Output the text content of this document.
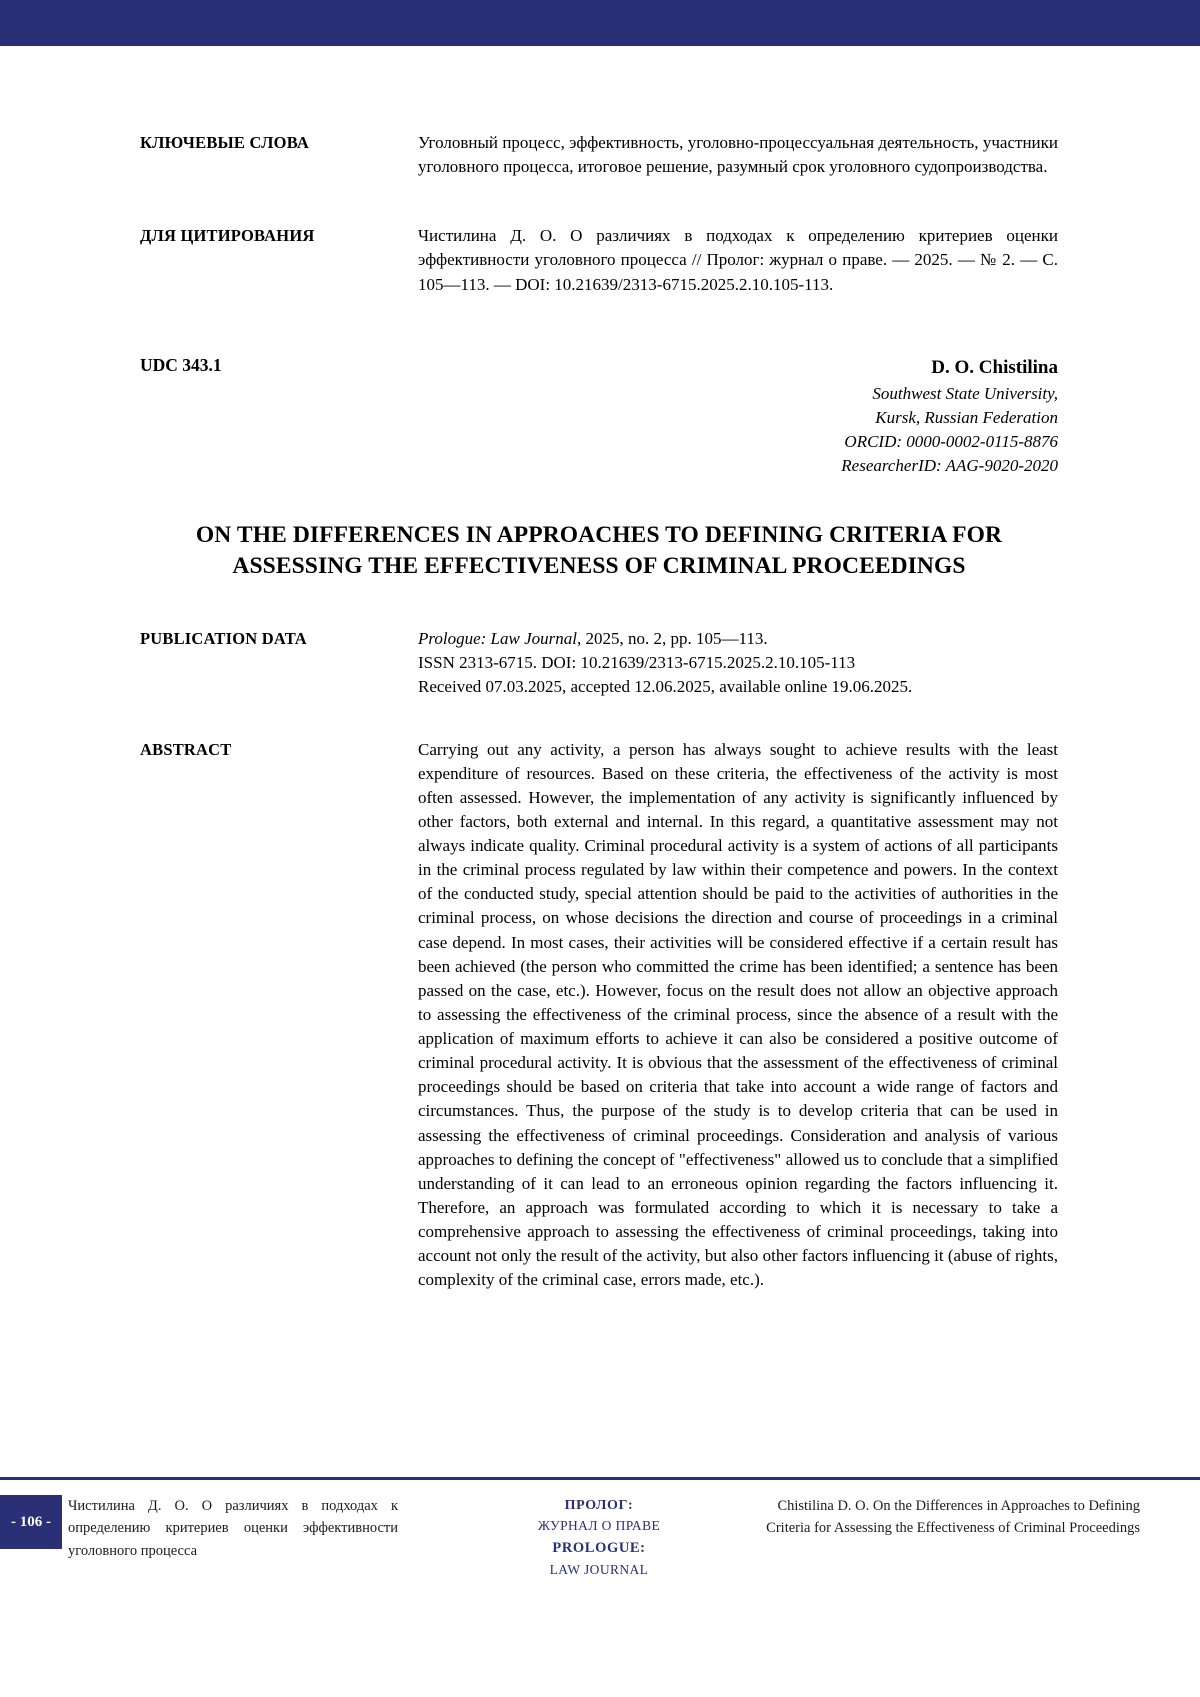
КЛЮЧЕВЫЕ СЛОВА	Уголовный процесс, эффективность, уголовно-процессуальная деятельность, участники уголовного процесса, итоговое решение, разумный срок уголовного судопроизводства.
ДЛЯ ЦИТИРОВАНИЯ	Чистилина Д. О. О различиях в подходах к определению критериев оценки эффективности уголовного процесса // Пролог: журнал о праве. — 2025. — № 2. — С. 105—113. — DOI: 10.21639/2313-6715.2025.2.10.105-113.
UDC 343.1	D. O. Chistilina
Southwest State University,
Kursk, Russian Federation
ORCID: 0000-0002-0115-8876
ResearcherID: AAG-9020-2020
ON THE DIFFERENCES IN APPROACHES TO DEFINING CRITERIA FOR ASSESSING THE EFFECTIVENESS OF CRIMINAL PROCEEDINGS
PUBLICATION DATA	Prologue: Law Journal, 2025, no. 2, pp. 105—113.
ISSN 2313-6715. DOI: 10.21639/2313-6715.2025.2.10.105-113
Received 07.03.2025, accepted 12.06.2025, available online 19.06.2025.
ABSTRACT	Carrying out any activity, a person has always sought to achieve results with the least expenditure of resources. Based on these criteria, the effectiveness of the activity is most often assessed. However, the implementation of any activity is significantly influenced by other factors, both external and internal. In this regard, a quantitative assessment may not always indicate quality. Criminal procedural activity is a system of actions of all participants in the criminal process regulated by law within their competence and powers. In the context of the conducted study, special attention should be paid to the activities of authorities in the criminal process, on whose decisions the direction and course of proceedings in a criminal case depend. In most cases, their activities will be considered effective if a certain result has been achieved (the person who committed the crime has been identified; a sentence has been passed on the case, etc.). However, focus on the result does not allow an objective approach to assessing the effectiveness of the criminal process, since the absence of a result with the application of maximum efforts to achieve it can also be considered a positive outcome of criminal procedural activity. It is obvious that the assessment of the effectiveness of criminal proceedings should be based on criteria that take into account a wide range of factors and circumstances. Thus, the purpose of the study is to develop criteria that can be used in assessing the effectiveness of criminal proceedings. Consideration and analysis of various approaches to defining the concept of "effectiveness" allowed us to conclude that a simplified understanding of it can lead to an erroneous opinion regarding the factors influencing it. Therefore, an approach was formulated according to which it is necessary to take a comprehensive approach to assessing the effectiveness of criminal proceedings, taking into account not only the result of the activity, but also other factors influencing it (abuse of rights, complexity of the criminal case, errors made, etc.).
- 106 -
Чистилина Д. О. О различиях в подходах к определению критериев оценки эффективности уголовного процесса
ПРОЛОГ:
ЖУРНАЛ О ПРАВЕ
PROLOGUE:
LAW JOURNAL
Chistilina D. O. On the Differences in Approaches to Defining Criteria for Assessing the Effectiveness of Criminal Proceedings
